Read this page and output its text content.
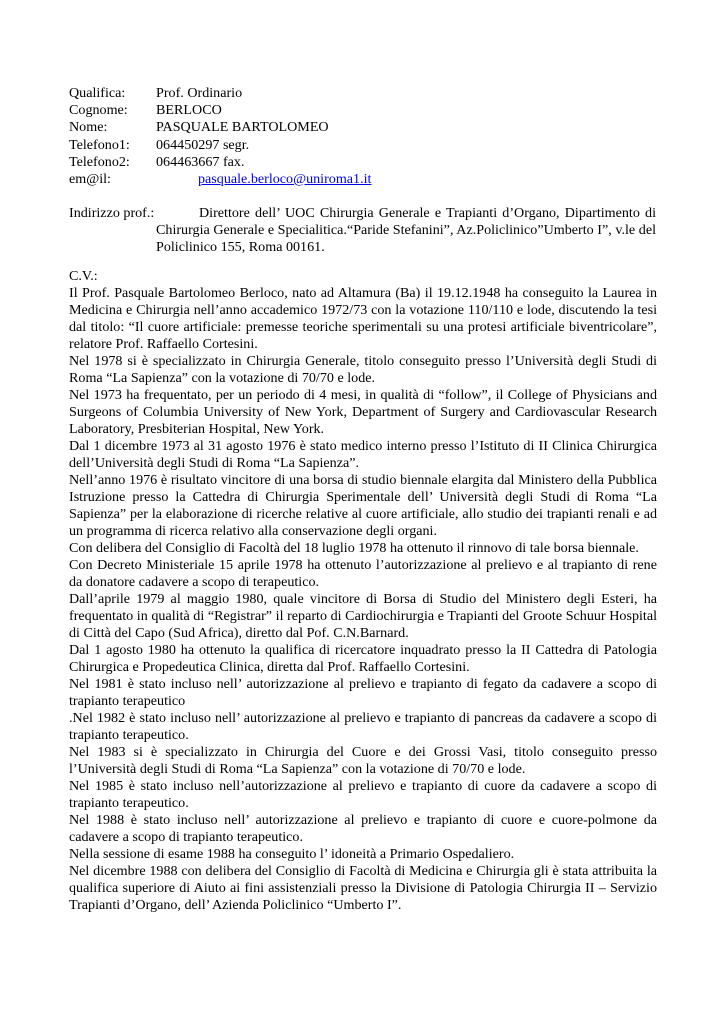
Qualifica:	Prof. Ordinario
Cognome:	BERLOCO
Nome:	PASQUALE BARTOLOMEO
Telefono1:	064450297 segr.
Telefono2:	064463667 fax.
em@il:	pasquale.berloco@uniroma1.it
Indirizzo prof.:	Direttore dell’ UOC Chirurgia Generale e Trapianti d’Organo, Dipartimento di Chirurgia Generale e Specialitica.“Paride Stefanini”, Az.Policlinico”Umberto I”, v.le del Policlinico 155, Roma 00161.

C.V.:

Il Prof. Pasquale Bartolomeo Berloco, nato ad Altamura (Ba) il 19.12.1948 ha conseguito la Laurea in Medicina e Chirurgia nell’anno accademico 1972/73 con la votazione 110/110 e lode, discutendo la tesi dal titolo: “Il cuore artificiale: premesse teoriche sperimentali su una protesi artificiale biventricolare”, relatore Prof. Raffaello Cortesini.

Nel 1978 si è specializzato in Chirurgia Generale, titolo conseguito presso l’Università degli Studi di Roma “La Sapienza” con la votazione di 70/70 e lode.

Nel 1973 ha frequentato, per un periodo di 4 mesi, in qualità di “follow”, il College of Physicians and Surgeons of Columbia University of New York, Department of Surgery and Cardiovascular Research Laboratory, Presbiterian Hospital, New York.

Dal 1 dicembre 1973 al 31 agosto 1976 è stato medico interno presso l’Istituto di II Clinica Chirurgica dell’Università degli Studi di Roma “La Sapienza”.

Nell’anno 1976 è risultato vincitore di una borsa di studio biennale elargita dal Ministero della Pubblica Istruzione presso la Cattedra di Chirurgia Sperimentale dell’ Università degli Studi di Roma “La Sapienza” per la elaborazione di ricerche relative al cuore artificiale, allo studio dei trapianti renali e ad un programma di ricerca relativo alla conservazione degli organi.

Con delibera del Consiglio di Facoltà del 18 luglio 1978 ha ottenuto il rinnovo di tale borsa biennale.

Con Decreto Ministeriale 15 aprile 1978 ha ottenuto l’autorizzazione al prelievo e al trapianto di rene da donatore cadavere a scopo di terapeutico.

Dall’aprile 1979 al maggio 1980, quale vincitore di Borsa di Studio del Ministero degli Esteri, ha frequentato in qualità di “Registrar” il reparto di Cardiochirurgia e Trapianti del Groote Schuur Hospital di Città del Capo (Sud Africa), diretto dal Pof. C.N.Barnard.

Dal 1 agosto 1980 ha ottenuto la qualifica di ricercatore inquadrato presso la II Cattedra di Patologia Chirurgica e Propedeutica Clinica, diretta dal Prof. Raffaello Cortesini.

Nel 1981 è stato incluso nell’ autorizzazione al prelievo e trapianto di fegato da cadavere a scopo di trapianto terapeutico

.Nel 1982 è stato incluso nell’ autorizzazione al prelievo e trapianto di pancreas da cadavere a scopo di trapianto terapeutico.

Nel 1983 si è specializzato in Chirurgia del Cuore e dei Grossi Vasi, titolo conseguito presso l’Università degli Studi di Roma “La Sapienza” con la votazione di 70/70 e lode.

Nel 1985 è stato incluso nell’autorizzazione al prelievo e trapianto di cuore da cadavere a scopo di trapianto terapeutico.

Nel 1988 è stato incluso nell’ autorizzazione al prelievo e trapianto di cuore e cuore-polmone da cadavere a scopo di trapianto terapeutico.

Nella sessione di esame 1988 ha conseguito l’ idoneità a Primario Ospedaliero.

Nel dicembre 1988 con delibera del Consiglio di Facoltà di Medicina e Chirurgia gli è stata attribuita la qualifica superiore di Aiuto ai fini assistenziali presso la Divisione di Patologia Chirurgia II – Servizio Trapianti d’Organo, dell’ Azienda Policlinico “Umberto I”.
